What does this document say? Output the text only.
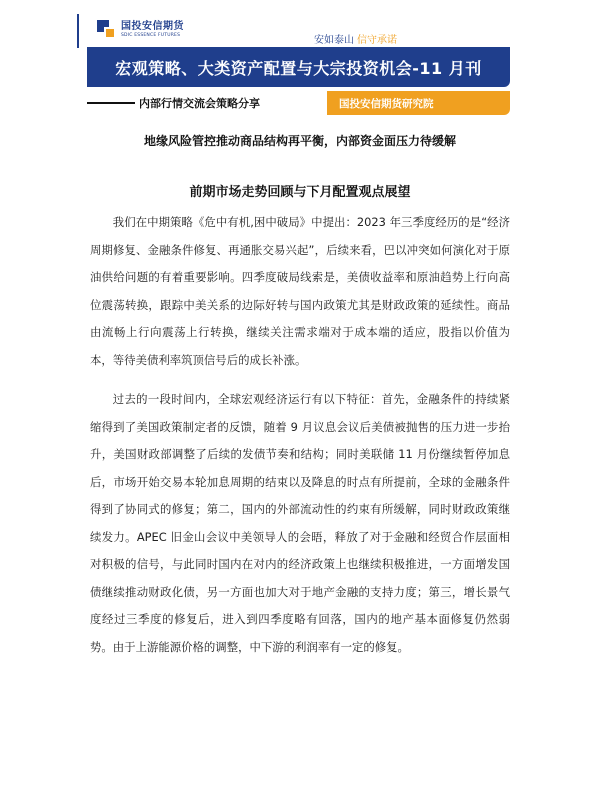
国投安信期货
SDIC ESSENCE FUTURES	安如泰山 信守承诺
宏观策略、大类资产配置与大宗投资机会-11 月刊
内部行情交流会策略分享	国投安信期货研究院
地缘风险管控推动商品结构再平衡，内部资金面压力待缓解
前期市场走势回顾与下月配置观点展望

我们在中期策略《危中有机,困中破局》中提出：2023 年三季度经历的是“经济周期修复、金融条件修复、再通胀交易兴起”，后续来看，巴以冲突如何演化对于原油供给问题的有着重要影响。四季度破局线索是，美债收益率和原油趋势上行向高位震荡转换，跟踪中美关系的边际好转与国内政策尤其是财政政策的延续性。商品由流畅上行向震荡上行转换，继续关注需求端对于成本端的适应，股指以价值为本，等待美债利率筑顶信号后的成长补涨。

过去的一段时间内，全球宏观经济运行有以下特征：首先，金融条件的持续紧缩得到了美国政策制定者的反馈，随着 9 月议息会议后美债被抛售的压力进一步抬升，美国财政部调整了后续的发债节奏和结构；同时美联储 11 月份继续暂停加息后，市场开始交易本轮加息周期的结束以及降息的时点有所提前，全球的金融条件得到了协同式的修复；第二，国内的外部流动性的约束有所缓解，同时财政政策继续发力。APEC 旧金山会议中美领导人的会晤，释放了对于金融和经贸合作层面相对积极的信号，与此同时国内在对内的经济政策上也继续积极推进，一方面增发国债继续推动财政化债，另一方面也加大对于地产金融的支持力度；第三，增长景气度经过三季度的修复后，进入到四季度略有回落，国内的地产基本面修复仍然弱势。由于上游能源价格的调整，中下游的利润率有一定的修复。
